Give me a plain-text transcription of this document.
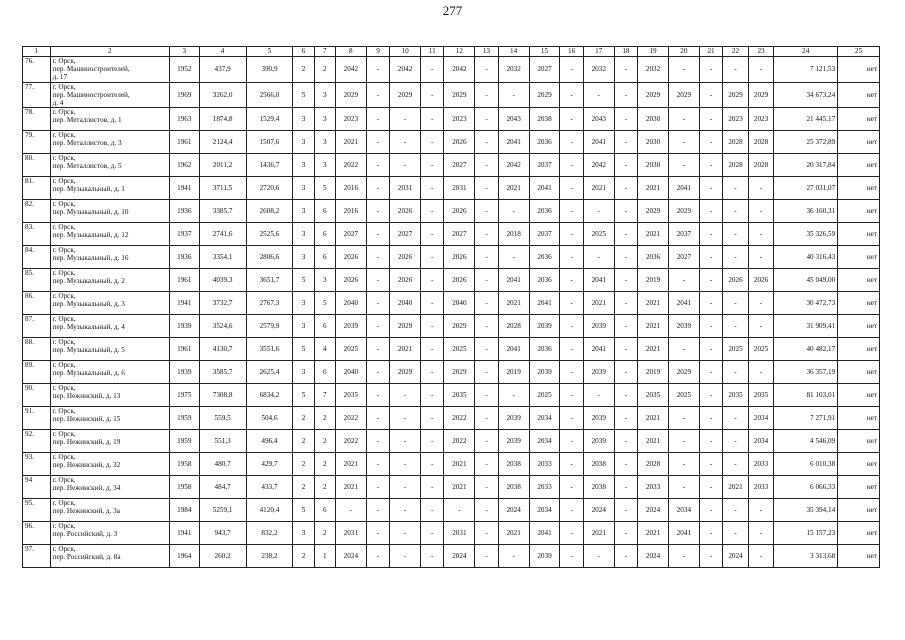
277
1	2	3	4	5	6	7	8	9	10	11	12	13	14	15	16	17	18	19	20	21	22	23	24	25
76.	г. Орск,
пер. Машиностроителей,
д. 17	1952	437,9	390,9	2	2	2042	-	2042	-	2042	-	2032	2027	-	2032	-	2032	-	-	-	-	7 121,53	нет
77.	г. Орск,
пер. Машиностроителей,
д. 4	1969	3262,0	2566,0	5	3	2029	-	2029	-	2029	-	-	2029	-	-	-	2029	2029	-	2029	2029	34 673,24	нет
78.	г. Орск,
пер. Металлистов, д. 1	1963	1874,8	1529,4	3	3	2023	-	-	-	2023	-	2043	2038	-	2043	-	2030	-	-	2023	2023	21 445,17	нет
79.	г. Орск,
пер. Металлистов, д. 3	1961	2124,4	1507,6	3	3	2021	-	-	-	2026	-	2041	2036	-	2041	-	2030	-	-	2028	2028	25 372,89	нет
80.	г. Орск,
пер. Металлистов, д. 5	1962	2011,2	1436,7	3	3	2022	-	-	-	2027	-	2042	2037	-	2042	-	2030	-	-	2028	2028	20 317,84	нет
81.	г. Орск,
пер. Музыкальный, д. 1	1941	3711,5	2720,6	3	5	2016	-	2031	-	2031	-	2021	2041	-	2021	-	2021	2041	-	-	-	27 031,07	нет
82.	г. Орск,
пер. Музыкальный, д. 10	1936	3385,7	2608,2	3	6	2016	-	2026	-	2026	-	-	2036	-	-	-	2029	2029	-	-	-	36 160,31	нет
83.	г. Орск,
пер. Музыкальный, д. 12	1937	2741,6	2525,6	3	6	2027	-	2027	-	2027	-	2018	2037	-	2025	-	2021	2037	-	-	-	35 326,59	нет
84.	г. Орск,
пер. Музыкальный, д. 16	1936	3354,1	2806,6	3	6	2026	-	2026	-	2026	-	-	2036	-	-	-	2036	2027	-	-	-	40 316,43	нет
85.	г. Орск,
пер. Музыкальный, д. 2	1961	4039,3	3651,7	5	3	2026	-	2026	-	2026	-	2041	2036	-	2041	-	2019	-	-	2026	2026	45 049,00	нет
86.	г. Орск,
пер. Музыкальный, д. 3	1941	3732,7	2767,3	3	5	2040	-	2040	-	2040	-	2021	2041	-	2021	-	2021	2041	-	-	-	30 472,73	нет
87.	г. Орск,
пер. Музыкальный, д. 4	1939	3524,6	2579,9	3	6	2039	-	2029	-	2029	-	2028	2039	-	2039	-	2021	2039	-	-	-	31 909,41	нет
88.	г. Орск,
пер. Музыкальный, д. 5	1961	4130,7	3551,6	5	4	2025	-	2021	-	2025	-	2041	2036	-	2041	-	2021	-	-	2025	2025	40 482,17	нет
89.	г. Орск,
пер. Музыкальный, д. 6	1939	3585,7	2625,4	3	6	2040	-	2029	-	2029	-	2019	2039	-	2039	-	2019	2029	-	-	-	36 357,19	нет
90.	г. Орск,
пер. Нежинский, д. 13	1975	7308,8	6834,2	5	7	2035	-	-	-	2035	-	-	2025	-	-	-	2035	2025	-	2035	2035	81 103,01	нет
91.	г. Орск,
пер. Нежинский, д. 15	1959	559,5	504,6	2	2	2022	-	-	-	2022	-	2039	2034	-	2039	-	2021	-	-	-	2034	7 271,91	нет
92.	г. Орск,
пер. Нежинский, д. 19	1959	551,3	496,4	2	2	2022	-	-	-	2022	-	2039	2034	-	2039	-	2021	-	-	-	2034	4 546,09	нет
93.	г. Орск,
пер. Нежинский, д. 32	1958	480,7	429,7	2	2	2021	-	-	-	2021	-	2038	2033	-	2038	-	2028	-	-	-	2033	6 010,38	нет
94	г. Орск,
пер. Нежинский, д. 34	1958	484,7	433,7	2	2	2021	-	-	-	2021	-	2038	2033	-	2038	-	2033	-	-	2021	2033	6 066,33	нет
95.	г. Орск,
пер. Нежинский, д. 3а	1984	5259,1	4120,4	5	6	-	-	-	-	-	-	2024	2034	-	2024	-	2024	2034	-	-	-	35 394,14	нет
96.	г. Орск,
пер. Российский, д. 3	1941	943,7	832,2	3	2	2031	-	-	-	2031	-	2021	2041	-	2021	-	2021	2041	-	-	-	15 157,23	нет
97.	г. Орск,
пер. Российский, д. 8а	1964	260,2	238,2	2	1	2024	-	-	-	2024	-	-	2039	-	-	-	2024	-	-	2024	-	3 313,68	нет
